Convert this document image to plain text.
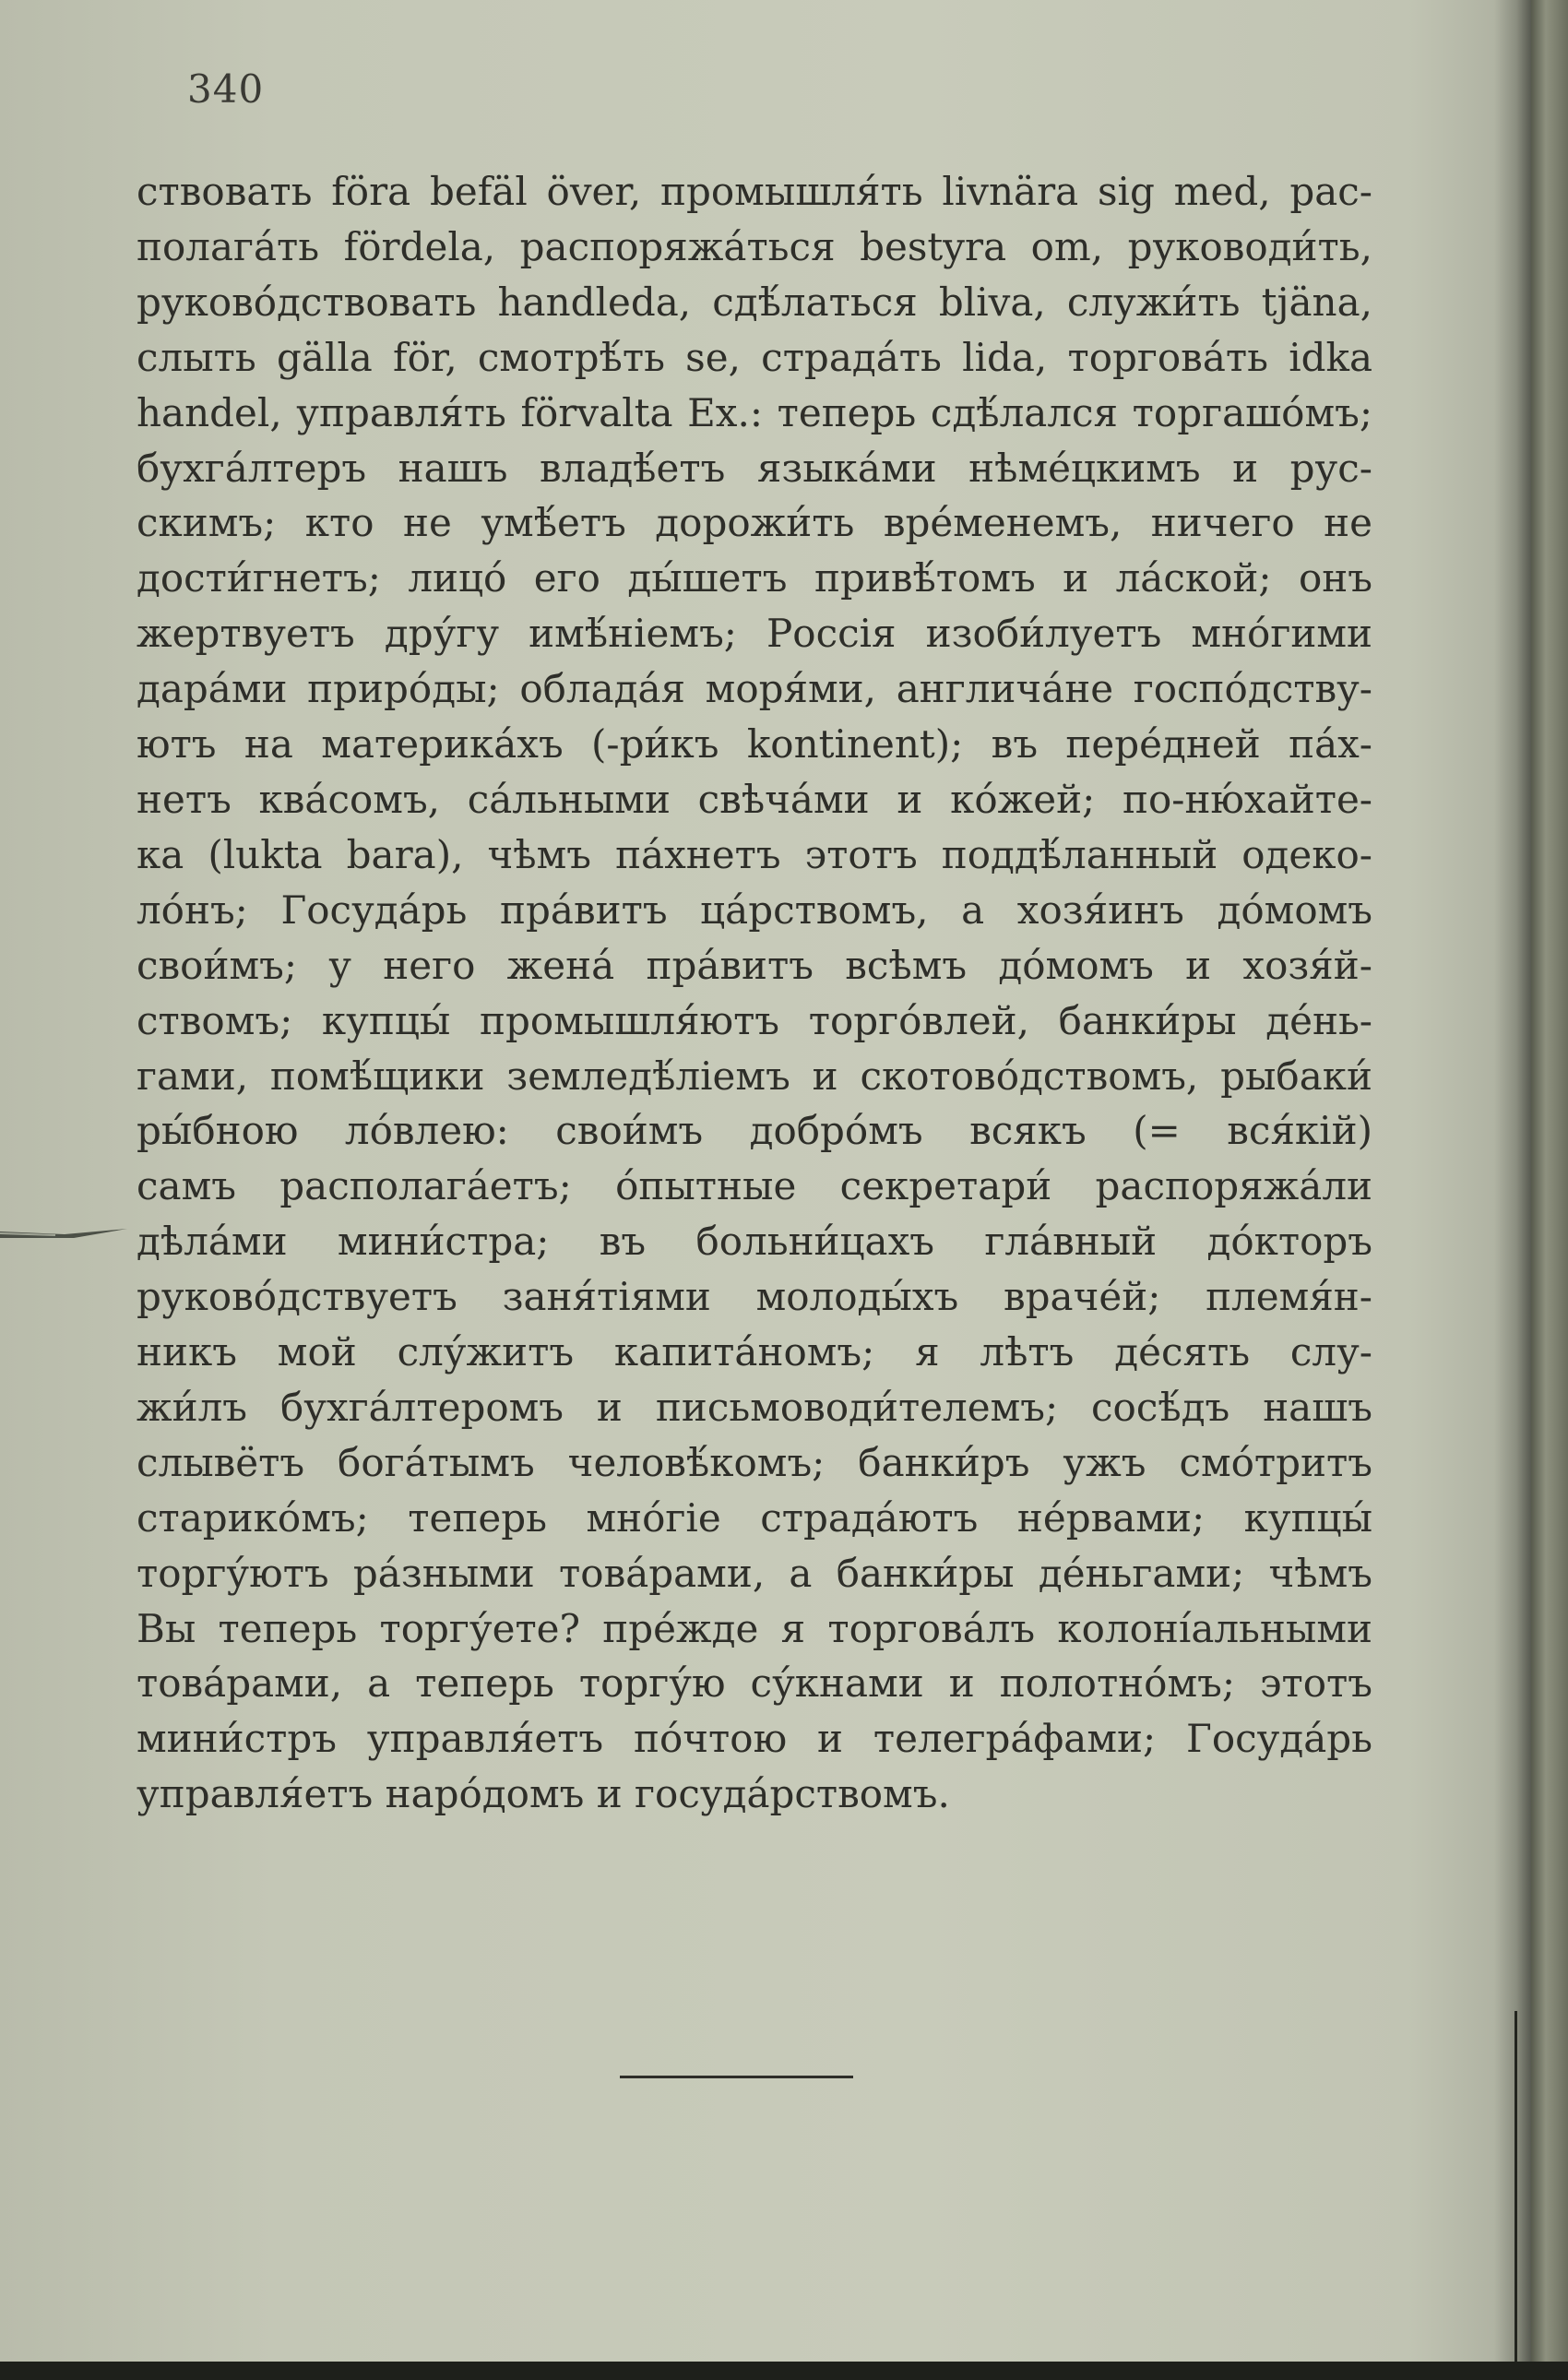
340

ствовать föra befäl över, промышля́ть livnära sig med, рас-
полага́ть fördela, распоряжа́ться bestyra om, руководи́ть,
руково́дствовать handleda, сдѣ́латься bliva, служи́ть tjäna,
слыть gälla för, смотрѣ́ть se, страда́ть lida, торгова́ть idka
handel, управля́ть förvalta Ex.: теперь сдѣ́лался торгашо́мъ;
бухга́лтеръ нашъ владѣ́етъ языка́ми нѣме́цкимъ и рус-
скимъ; кто не умѣ́етъ дорожи́ть вре́менемъ, ничего не
дости́гнетъ; лицо́ его ды́шетъ привѣ́томъ и ла́ской; онъ
жертвуетъ дру́гу имѣ́ніемъ; Россія изоби́луетъ мно́гими
дара́ми приро́ды; облада́я моря́ми, англича́не госпо́дству-
ютъ на материка́хъ (-ри́къ kontinent); въ пере́дней па́х-
нетъ ква́сомъ, са́льными свѣча́ми и ко́жей; по-ню́хайте-
ка (lukta bara), чѣмъ па́хнетъ этотъ поддѣ́ланный одеко-
ло́нъ; Госуда́рь пра́витъ ца́рствомъ, а хозя́инъ до́момъ
свои́мъ; у него жена́ пра́витъ всѣмъ до́момъ и хозя́й-
ствомъ; купцы́ промышля́ютъ торго́влей, банки́ры де́нь-
гами, помѣ́щики земледѣ́ліемъ и скотово́дствомъ, рыбаки́
ры́бною ло́влею: свои́мъ добро́мъ всякъ (= вся́кій)
самъ располага́етъ; о́пытные секретари́ распоряжа́ли
дѣла́ми мини́стра; въ больни́цахъ гла́вный до́кторъ
руково́дствуетъ заня́тіями молоды́хъ враче́й; племя́н-
никъ мой слу́житъ капита́номъ; я лѣтъ де́сять слу-
жи́лъ бухга́лтеромъ и письмоводи́телемъ; сосѣ́дъ нашъ
слывётъ бога́тымъ человѣ́комъ; банки́ръ ужъ смо́тритъ
старико́мъ; теперь мно́гіе страда́ютъ не́рвами; купцы́
торгу́ютъ ра́зными това́рами, а банки́ры де́ньгами; чѣмъ
Вы теперь торгу́ете? пре́жде я торгова́лъ колоні́альными
това́рами, а теперь торгу́ю су́кнами и полотно́мъ; этотъ
мини́стръ управля́етъ по́чтою и телегра́фами; Госуда́рь
управля́етъ наро́домъ и госуда́рствомъ.
